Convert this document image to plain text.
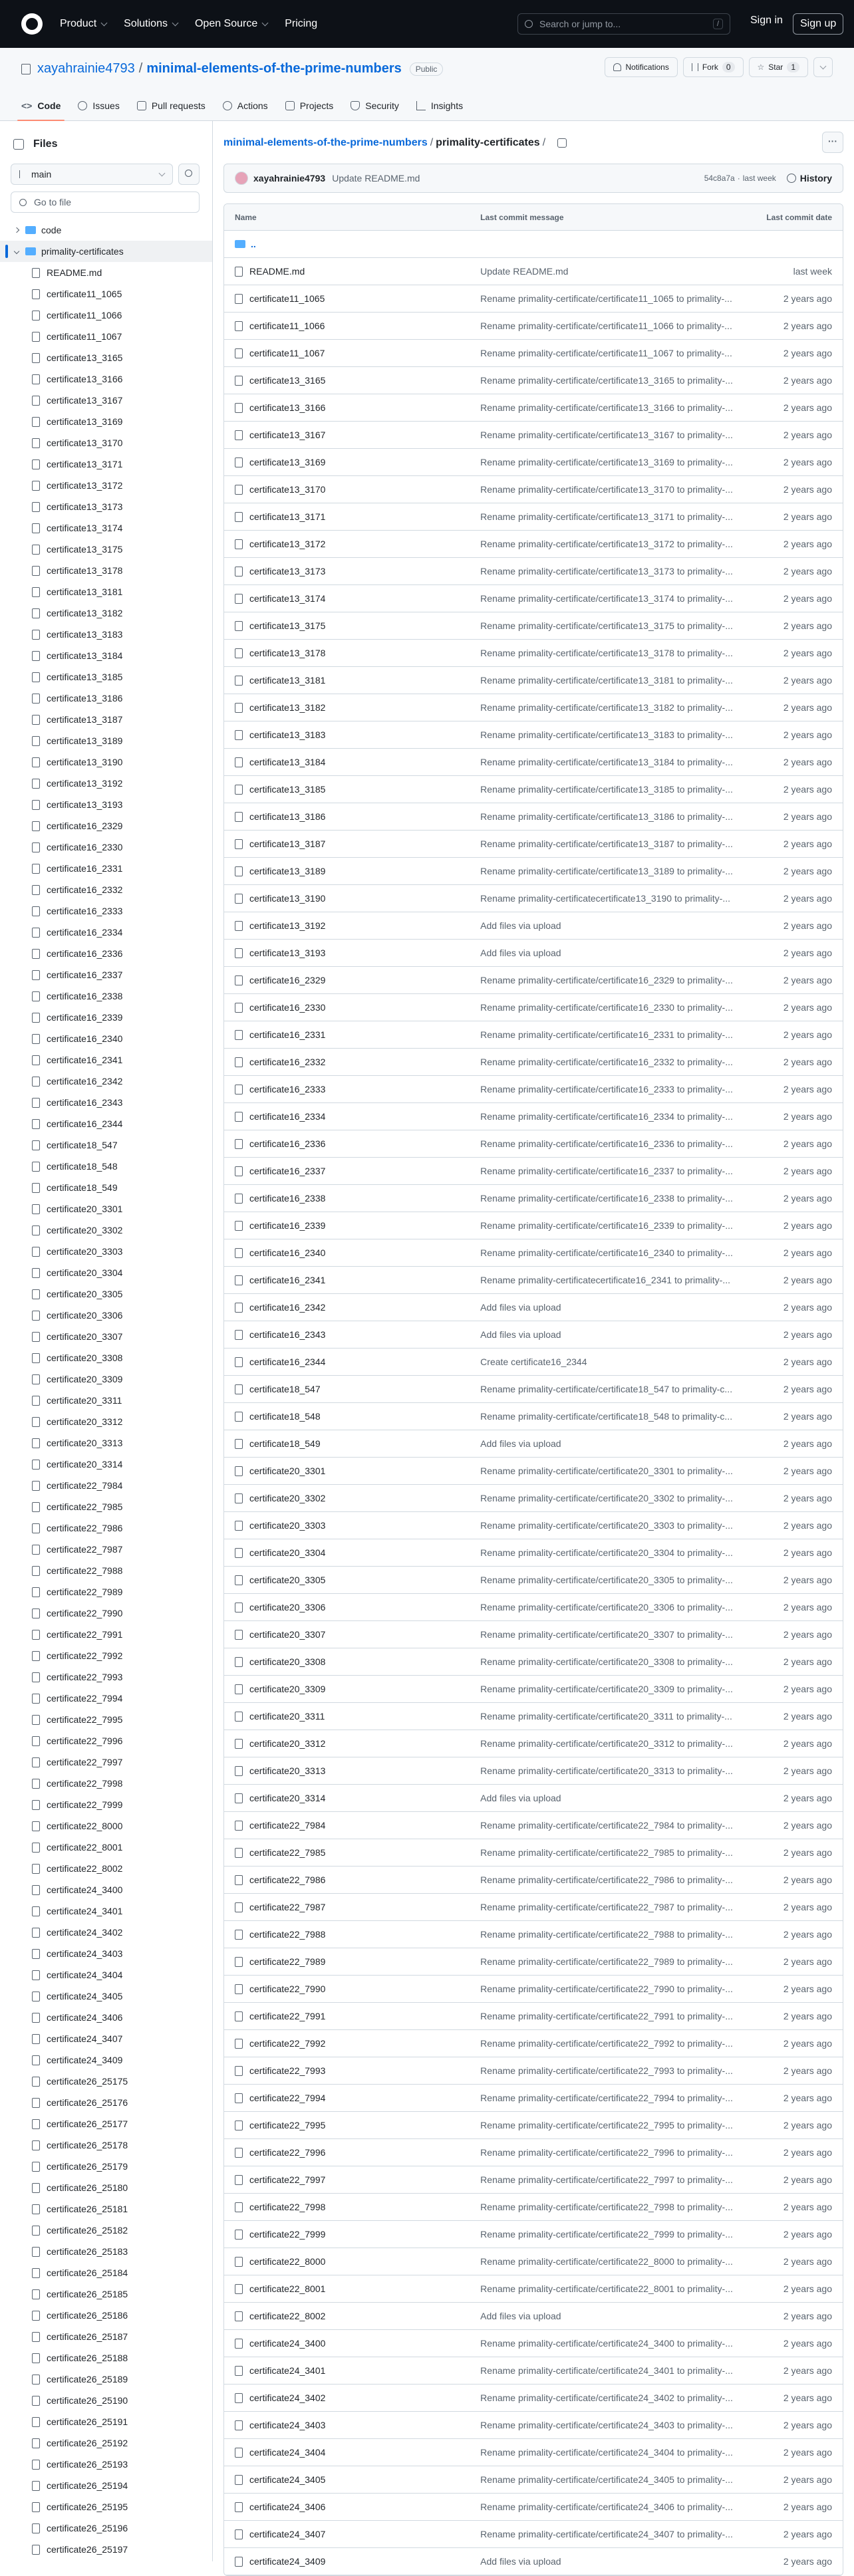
Product	Solutions	Open Source	Pricing	Search or jump to...	/	Sign in	Sign up
xayahrainie4793 / minimal-elements-of-the-prime-numbers	Public	Notifications	Fork	0	☆ Star	1
<> Code	Issues	Pull requests	Actions	Projects	Security	Insights
Files
main
Go to file
code
primality-certificates
README.md
certificate11_1065
certificate11_1066
certificate11_1067
certificate13_3165
certificate13_3166
certificate13_3167
certificate13_3169
certificate13_3170
certificate13_3171
certificate13_3172
certificate13_3173
certificate13_3174
certificate13_3175
certificate13_3178
certificate13_3181
certificate13_3182
certificate13_3183
certificate13_3184
certificate13_3185
certificate13_3186
certificate13_3187
certificate13_3189
certificate13_3190
certificate13_3192
certificate13_3193
certificate16_2329
certificate16_2330
certificate16_2331
certificate16_2332
certificate16_2333
certificate16_2334
certificate16_2336
certificate16_2337
certificate16_2338
certificate16_2339
certificate16_2340
certificate16_2341
certificate16_2342
certificate16_2343
certificate16_2344
certificate18_547
certificate18_548
certificate18_549
certificate20_3301
certificate20_3302
certificate20_3303
certificate20_3304
certificate20_3305
certificate20_3306
certificate20_3307
certificate20_3308
certificate20_3309
certificate20_3311
certificate20_3312
certificate20_3313
certificate20_3314
certificate22_7984
certificate22_7985
certificate22_7986
certificate22_7987
certificate22_7988
certificate22_7989
certificate22_7990
certificate22_7991
certificate22_7992
certificate22_7993
certificate22_7994
certificate22_7995
certificate22_7996
certificate22_7997
certificate22_7998
certificate22_7999
certificate22_8000
certificate22_8001
certificate22_8002
certificate24_3400
certificate24_3401
certificate24_3402
certificate24_3403
certificate24_3404
certificate24_3405
certificate24_3406
certificate24_3407
certificate24_3409
certificate26_25175
certificate26_25176
certificate26_25177
certificate26_25178
certificate26_25179
certificate26_25180
certificate26_25181
certificate26_25182
certificate26_25183
certificate26_25184
certificate26_25185
certificate26_25186
certificate26_25187
certificate26_25188
certificate26_25189
certificate26_25190
certificate26_25191
certificate26_25192
certificate26_25193
certificate26_25194
certificate26_25195
certificate26_25196
certificate26_25197
minimal-elements-of-the-prime-numbers / primality-certificates /	···
xayahrainie4793 Update README.md	54c8a7a · last week	History
Name	Last commit message	Last commit date
..
README.md	Update README.md	last week
certificate11_1065	Rename primality-certificate/certificate11_1065 to primality-...	2 years ago
certificate11_1066	Rename primality-certificate/certificate11_1066 to primality-...	2 years ago
certificate11_1067	Rename primality-certificate/certificate11_1067 to primality-...	2 years ago
certificate13_3165	Rename primality-certificate/certificate13_3165 to primality-...	2 years ago
certificate13_3166	Rename primality-certificate/certificate13_3166 to primality-...	2 years ago
certificate13_3167	Rename primality-certificate/certificate13_3167 to primality-...	2 years ago
certificate13_3169	Rename primality-certificate/certificate13_3169 to primality-...	2 years ago
certificate13_3170	Rename primality-certificate/certificate13_3170 to primality-...	2 years ago
certificate13_3171	Rename primality-certificate/certificate13_3171 to primality-...	2 years ago
certificate13_3172	Rename primality-certificate/certificate13_3172 to primality-...	2 years ago
certificate13_3173	Rename primality-certificate/certificate13_3173 to primality-...	2 years ago
certificate13_3174	Rename primality-certificate/certificate13_3174 to primality-...	2 years ago
certificate13_3175	Rename primality-certificate/certificate13_3175 to primality-...	2 years ago
certificate13_3178	Rename primality-certificate/certificate13_3178 to primality-...	2 years ago
certificate13_3181	Rename primality-certificate/certificate13_3181 to primality-...	2 years ago
certificate13_3182	Rename primality-certificate/certificate13_3182 to primality-...	2 years ago
certificate13_3183	Rename primality-certificate/certificate13_3183 to primality-...	2 years ago
certificate13_3184	Rename primality-certificate/certificate13_3184 to primality-...	2 years ago
certificate13_3185	Rename primality-certificate/certificate13_3185 to primality-...	2 years ago
certificate13_3186	Rename primality-certificate/certificate13_3186 to primality-...	2 years ago
certificate13_3187	Rename primality-certificate/certificate13_3187 to primality-...	2 years ago
certificate13_3189	Rename primality-certificate/certificate13_3189 to primality-...	2 years ago
certificate13_3190	Rename primality-certificatecertificate13_3190 to primality-...	2 years ago
certificate13_3192	Add files via upload	2 years ago
certificate13_3193	Add files via upload	2 years ago
certificate16_2329	Rename primality-certificate/certificate16_2329 to primality-...	2 years ago
certificate16_2330	Rename primality-certificate/certificate16_2330 to primality-...	2 years ago
certificate16_2331	Rename primality-certificate/certificate16_2331 to primality-...	2 years ago
certificate16_2332	Rename primality-certificate/certificate16_2332 to primality-...	2 years ago
certificate16_2333	Rename primality-certificate/certificate16_2333 to primality-...	2 years ago
certificate16_2334	Rename primality-certificate/certificate16_2334 to primality-...	2 years ago
certificate16_2336	Rename primality-certificate/certificate16_2336 to primality-...	2 years ago
certificate16_2337	Rename primality-certificate/certificate16_2337 to primality-...	2 years ago
certificate16_2338	Rename primality-certificate/certificate16_2338 to primality-...	2 years ago
certificate16_2339	Rename primality-certificate/certificate16_2339 to primality-...	2 years ago
certificate16_2340	Rename primality-certificate/certificate16_2340 to primality-...	2 years ago
certificate16_2341	Rename primality-certificatecertificate16_2341 to primality-...	2 years ago
certificate16_2342	Add files via upload	2 years ago
certificate16_2343	Add files via upload	2 years ago
certificate16_2344	Create certificate16_2344	2 years ago
certificate18_547	Rename primality-certificate/certificate18_547 to primality-c...	2 years ago
certificate18_548	Rename primality-certificate/certificate18_548 to primality-c...	2 years ago
certificate18_549	Add files via upload	2 years ago
certificate20_3301	Rename primality-certificate/certificate20_3301 to primality-...	2 years ago
certificate20_3302	Rename primality-certificate/certificate20_3302 to primality-...	2 years ago
certificate20_3303	Rename primality-certificate/certificate20_3303 to primality-...	2 years ago
certificate20_3304	Rename primality-certificate/certificate20_3304 to primality-...	2 years ago
certificate20_3305	Rename primality-certificate/certificate20_3305 to primality-...	2 years ago
certificate20_3306	Rename primality-certificate/certificate20_3306 to primality-...	2 years ago
certificate20_3307	Rename primality-certificate/certificate20_3307 to primality-...	2 years ago
certificate20_3308	Rename primality-certificate/certificate20_3308 to primality-...	2 years ago
certificate20_3309	Rename primality-certificate/certificate20_3309 to primality-...	2 years ago
certificate20_3311	Rename primality-certificate/certificate20_3311 to primality-...	2 years ago
certificate20_3312	Rename primality-certificate/certificate20_3312 to primality-...	2 years ago
certificate20_3313	Rename primality-certificate/certificate20_3313 to primality-...	2 years ago
certificate20_3314	Add files via upload	2 years ago
certificate22_7984	Rename primality-certificate/certificate22_7984 to primality-...	2 years ago
certificate22_7985	Rename primality-certificate/certificate22_7985 to primality-...	2 years ago
certificate22_7986	Rename primality-certificate/certificate22_7986 to primality-...	2 years ago
certificate22_7987	Rename primality-certificate/certificate22_7987 to primality-...	2 years ago
certificate22_7988	Rename primality-certificate/certificate22_7988 to primality-...	2 years ago
certificate22_7989	Rename primality-certificate/certificate22_7989 to primality-...	2 years ago
certificate22_7990	Rename primality-certificate/certificate22_7990 to primality-...	2 years ago
certificate22_7991	Rename primality-certificate/certificate22_7991 to primality-...	2 years ago
certificate22_7992	Rename primality-certificate/certificate22_7992 to primality-...	2 years ago
certificate22_7993	Rename primality-certificate/certificate22_7993 to primality-...	2 years ago
certificate22_7994	Rename primality-certificate/certificate22_7994 to primality-...	2 years ago
certificate22_7995	Rename primality-certificate/certificate22_7995 to primality-...	2 years ago
certificate22_7996	Rename primality-certificate/certificate22_7996 to primality-...	2 years ago
certificate22_7997	Rename primality-certificate/certificate22_7997 to primality-...	2 years ago
certificate22_7998	Rename primality-certificate/certificate22_7998 to primality-...	2 years ago
certificate22_7999	Rename primality-certificate/certificate22_7999 to primality-...	2 years ago
certificate22_8000	Rename primality-certificate/certificate22_8000 to primality-...	2 years ago
certificate22_8001	Rename primality-certificate/certificate22_8001 to primality-...	2 years ago
certificate22_8002	Add files via upload	2 years ago
certificate24_3400	Rename primality-certificate/certificate24_3400 to primality-...	2 years ago
certificate24_3401	Rename primality-certificate/certificate24_3401 to primality-...	2 years ago
certificate24_3402	Rename primality-certificate/certificate24_3402 to primality-...	2 years ago
certificate24_3403	Rename primality-certificate/certificate24_3403 to primality-...	2 years ago
certificate24_3404	Rename primality-certificate/certificate24_3404 to primality-...	2 years ago
certificate24_3405	Rename primality-certificate/certificate24_3405 to primality-...	2 years ago
certificate24_3406	Rename primality-certificate/certificate24_3406 to primality-...	2 years ago
certificate24_3407	Rename primality-certificate/certificate24_3407 to primality-...	2 years ago
certificate24_3409	Add files via upload	2 years ago
